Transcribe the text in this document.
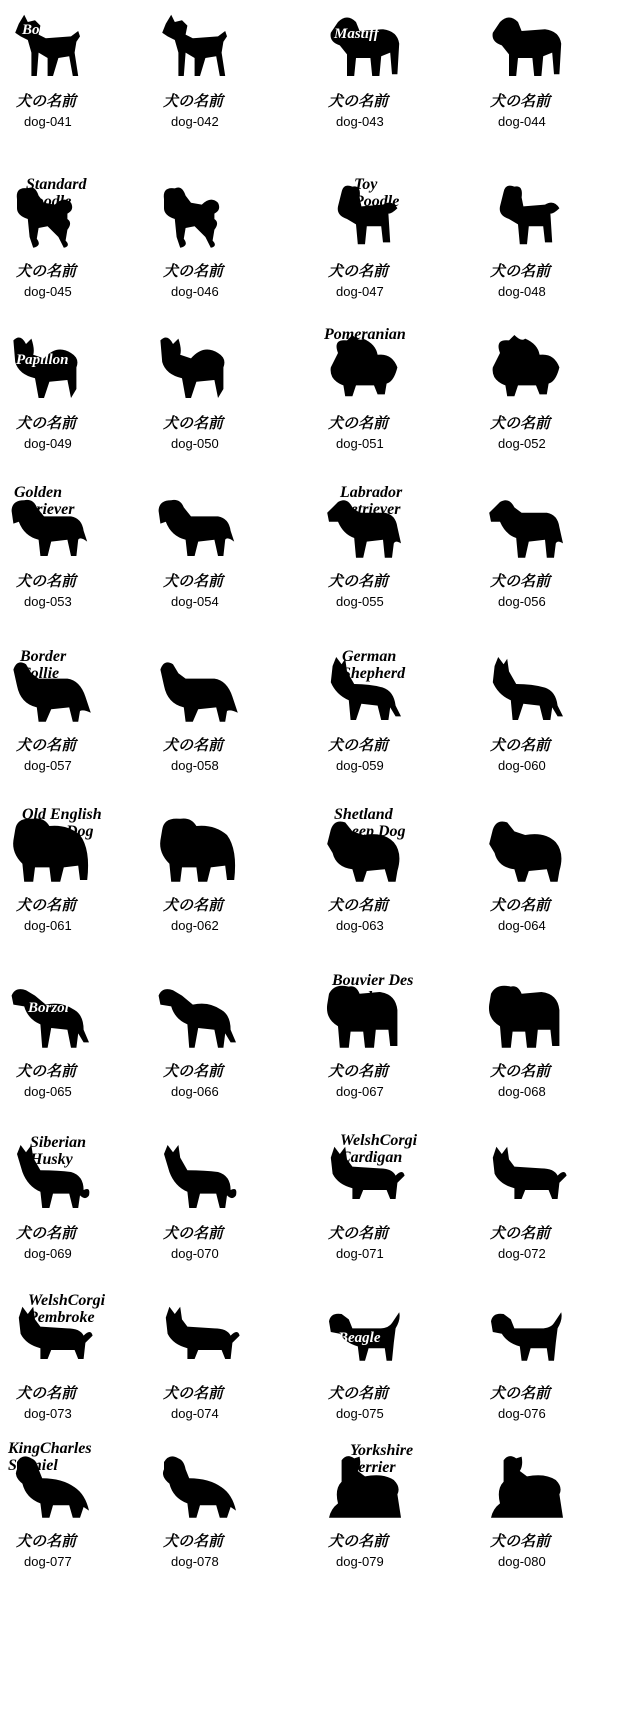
Boxer
犬の名前
dog-041
犬の名前
dog-042
Mastiff
犬の名前
dog-043
犬の名前
dog-044
Standard
Poodle
犬の名前
dog-045
犬の名前
dog-046
Toy
Poodle
犬の名前
dog-047
犬の名前
dog-048
Papillon
犬の名前
dog-049
犬の名前
dog-050
Pomeranian
犬の名前
dog-051
犬の名前
dog-052
Golden
Retriever
犬の名前
dog-053
犬の名前
dog-054
Labrador
Retriever
犬の名前
dog-055
犬の名前
dog-056
Border
Collie
犬の名前
dog-057
犬の名前
dog-058
German
Shepherd
犬の名前
dog-059
犬の名前
dog-060
Old English
Sheep Dog
犬の名前
dog-061
犬の名前
dog-062
Shetland
Sheep Dog
犬の名前
dog-063
犬の名前
dog-064
Borzoi
犬の名前
dog-065
犬の名前
dog-066
Bouvier Des
Flandes
犬の名前
dog-067
犬の名前
dog-068
Siberian
Husky
犬の名前
dog-069
犬の名前
dog-070
WelshCorgi
Cardigan
犬の名前
dog-071
犬の名前
dog-072
WelshCorgi
Pembroke
犬の名前
dog-073
犬の名前
dog-074
Beagle
犬の名前
dog-075
犬の名前
dog-076
KingCharles
Spaniel
犬の名前
dog-077
犬の名前
dog-078
Yorkshire
Terrier
犬の名前
dog-079
犬の名前
dog-080
